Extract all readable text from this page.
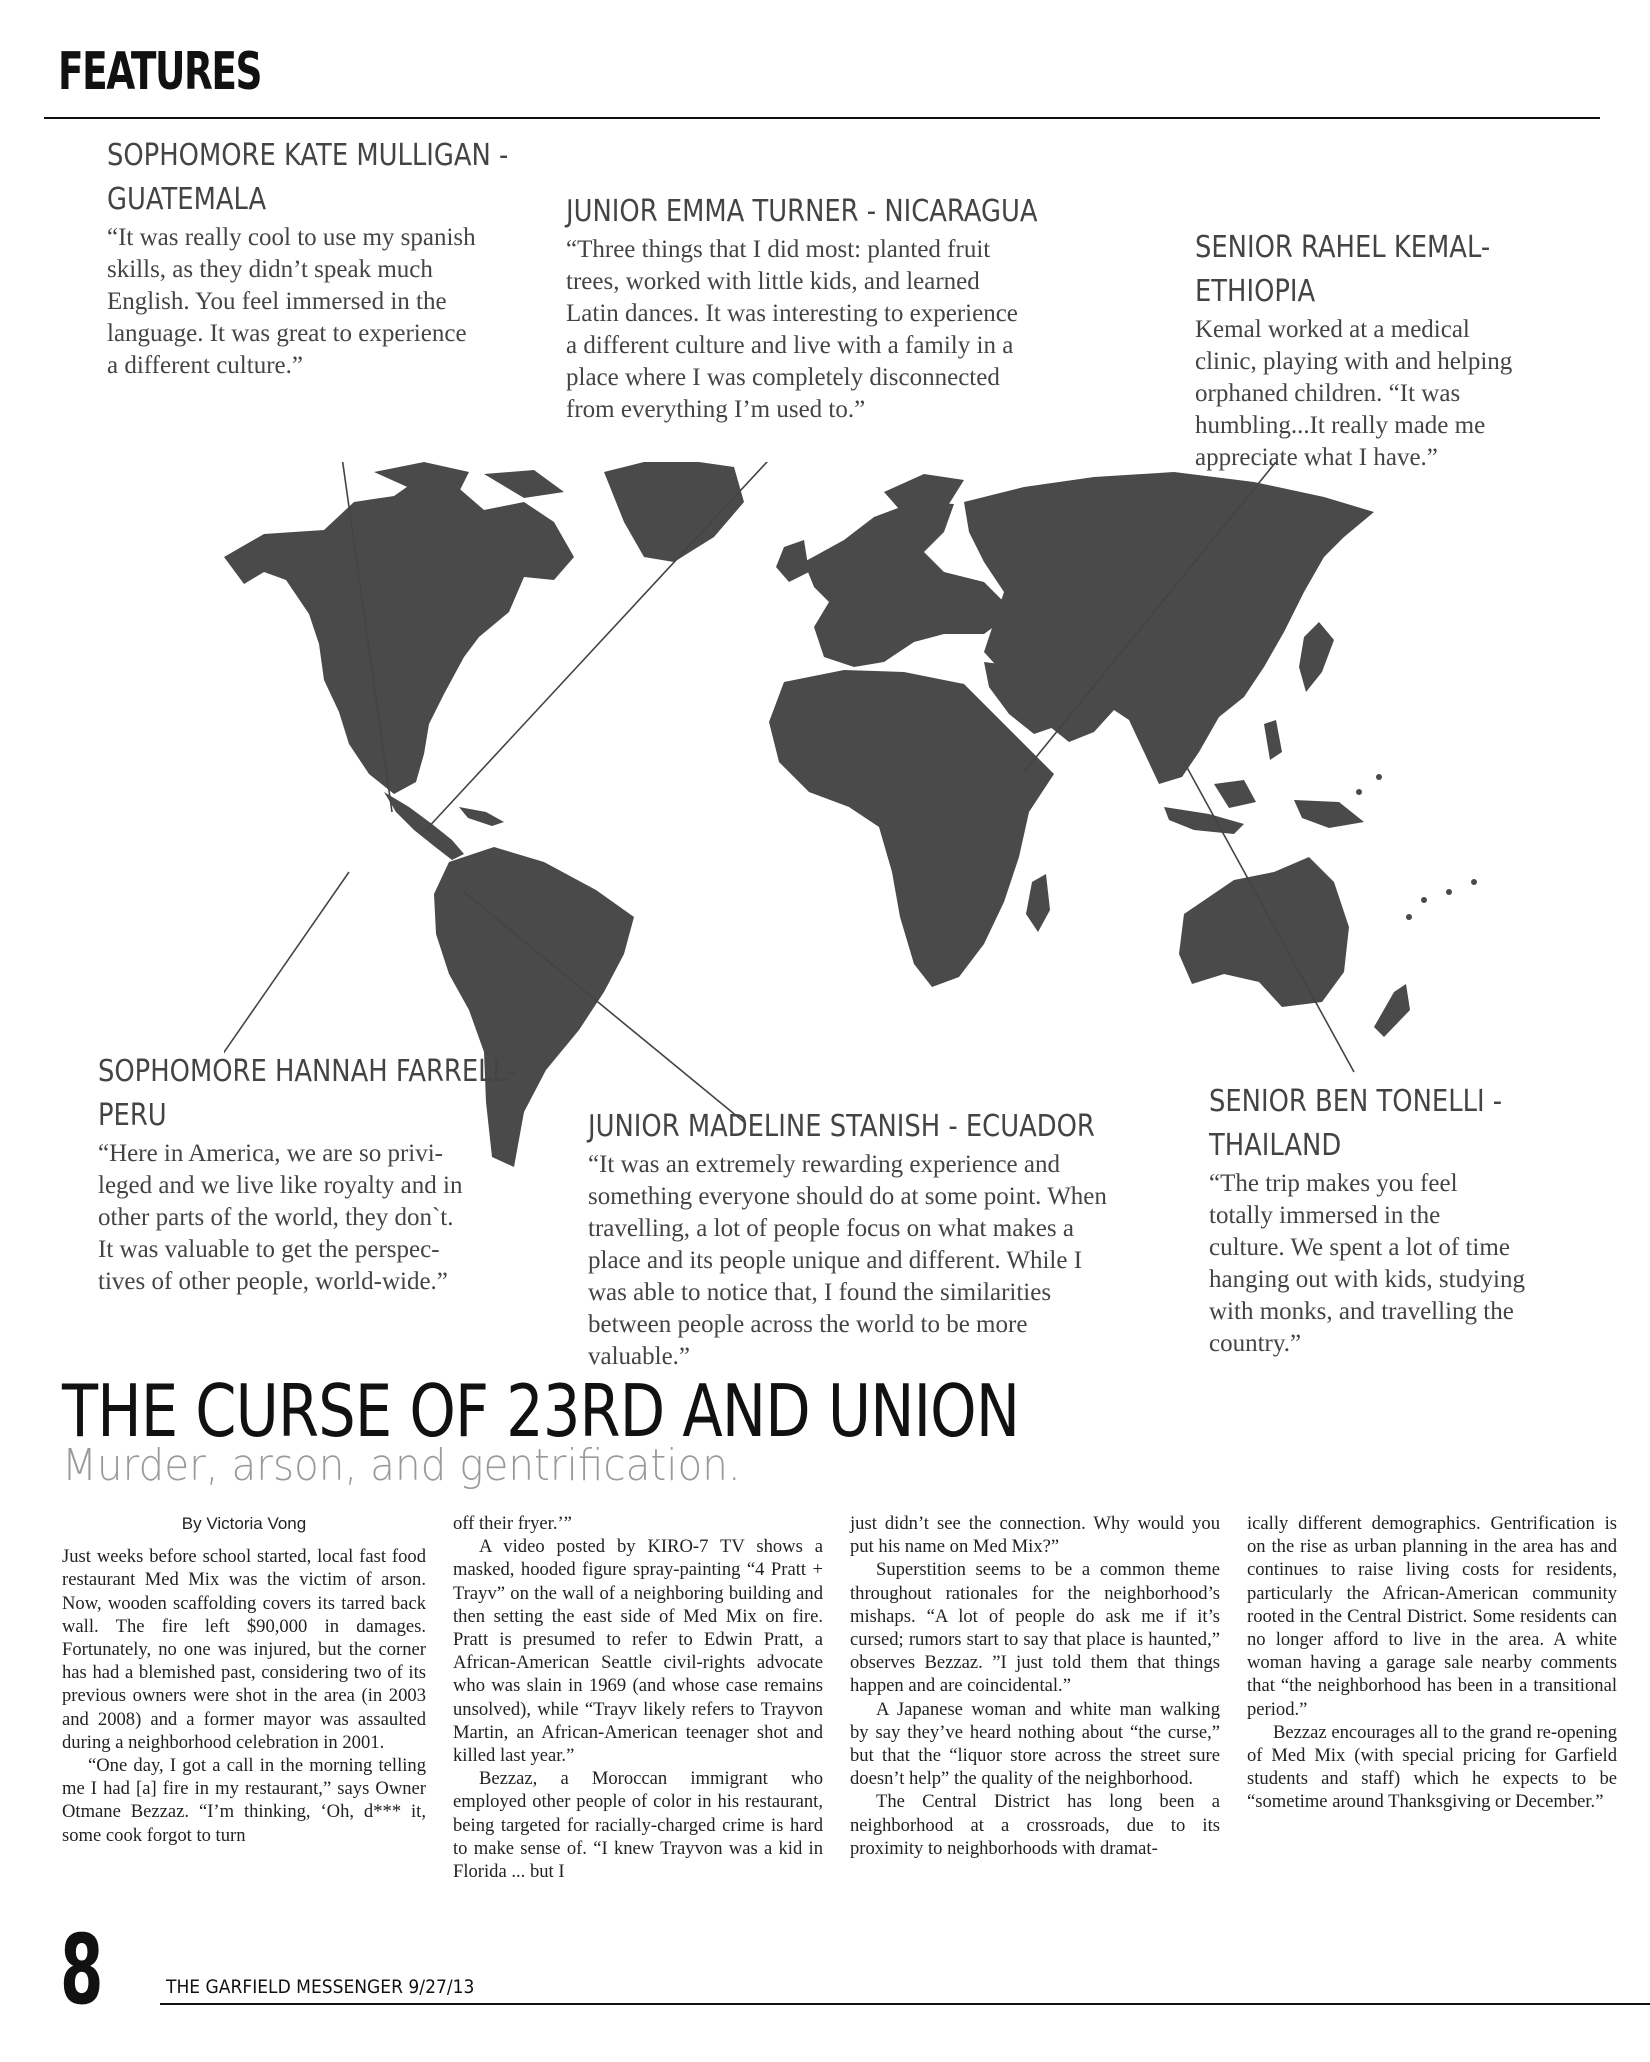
FEATURES
SOPHOMORE KATE MULLIGAN -
GUATEMALA
“It was really cool to use my spanish
skills, as they didn’t speak much
English. You feel immersed in the
language. It was great to experience
a different culture.”
JUNIOR EMMA TURNER - NICARAGUA
“Three things that I did most: planted fruit
trees, worked with little kids, and learned
Latin dances. It was interesting to experience
a different culture and live with a family in a
place where I was completely disconnected
from everything I’m used to.”
SENIOR RAHEL KEMAL-
ETHIOPIA
Kemal worked at a medical
clinic, playing with and helping
orphaned children. “It was
humbling...It really made me
appreciate what I have.”
SOPHOMORE HANNAH FARRELL-
PERU
“Here in America, we are so privi-
leged and we live like royalty and in
other parts of the world, they don`t.
It was valuable to get the perspec-
tives of other people, world-wide.”
JUNIOR MADELINE STANISH - ECUADOR
“It was an extremely rewarding experience and
something everyone should do at some point. When
travelling, a lot of people focus on what makes a
place and its people unique and different. While I
was able to notice that, I found the similarities
between people across the world to be more
valuable.”
SENIOR BEN TONELLI -
THAILAND
“The trip makes you feel
totally immersed in the
culture. We spent a lot of time
hanging out with kids, studying
with monks, and travelling the
country.”
THE CURSE OF 23RD AND UNION
Murder, arson, and gentrification.

By Victoria Vong

Just weeks before school started, local fast food restaurant Med Mix was the victim of arson. Now, wooden scaffolding covers its tarred back wall. The fire left $90,000 in damages. Fortunately, no one was injured, but the corner has had a blemished past, considering two of its previous owners were shot in the area (in 2003 and 2008) and a former mayor was assaulted during a neighborhood celebration in 2001.

“One day, I got a call in the morning telling me I had [a] fire in my restaurant,” says Owner Otmane Bezzaz. “I’m thinking, ‘Oh, d*** it, some cook forgot to turn

off their fryer.’”

A video posted by KIRO-7 TV shows a masked, hooded figure spray-painting “4 Pratt + Trayv” on the wall of a neighboring building and then setting the east side of Med Mix on fire. Pratt is presumed to refer to Edwin Pratt, a African-American Seattle civil-rights advocate who was slain in 1969 (and whose case remains unsolved), while “Trayv likely refers to Trayvon Martin, an African-American teenager shot and killed last year.”

Bezzaz, a Moroccan immigrant who employed other people of color in his restaurant, being targeted for racially-charged crime is hard to make sense of. “I knew Trayvon was a kid in Florida ... but I

just didn’t see the connection. Why would you put his name on Med Mix?”

Superstition seems to be a common theme throughout rationales for the neighborhood’s mishaps. “A lot of people do ask me if it’s cursed; rumors start to say that place is haunted,” observes Bezzaz. ”I just told them that things happen and are coincidental.”

A Japanese woman and white man walking by say they’ve heard nothing about “the curse,” but that the “liquor store across the street sure doesn’t help” the quality of the neighborhood.

The Central District has long been a neighborhood at a crossroads, due to its proximity to neighborhoods with dramat-

ically different demographics. Gentrification is on the rise as urban planning in the area has and continues to raise living costs for residents, particularly the African-American community rooted in the Central District. Some residents can no longer afford to live in the area. A white woman having a garage sale nearby comments that “the neighborhood has been in a transitional period.”

Bezzaz encourages all to the grand re-opening of Med Mix (with special pricing for Garfield students and staff) which he expects to be “sometime around Thanksgiving or December.”

8	THE GARFIELD MESSENGER 9/27/13
